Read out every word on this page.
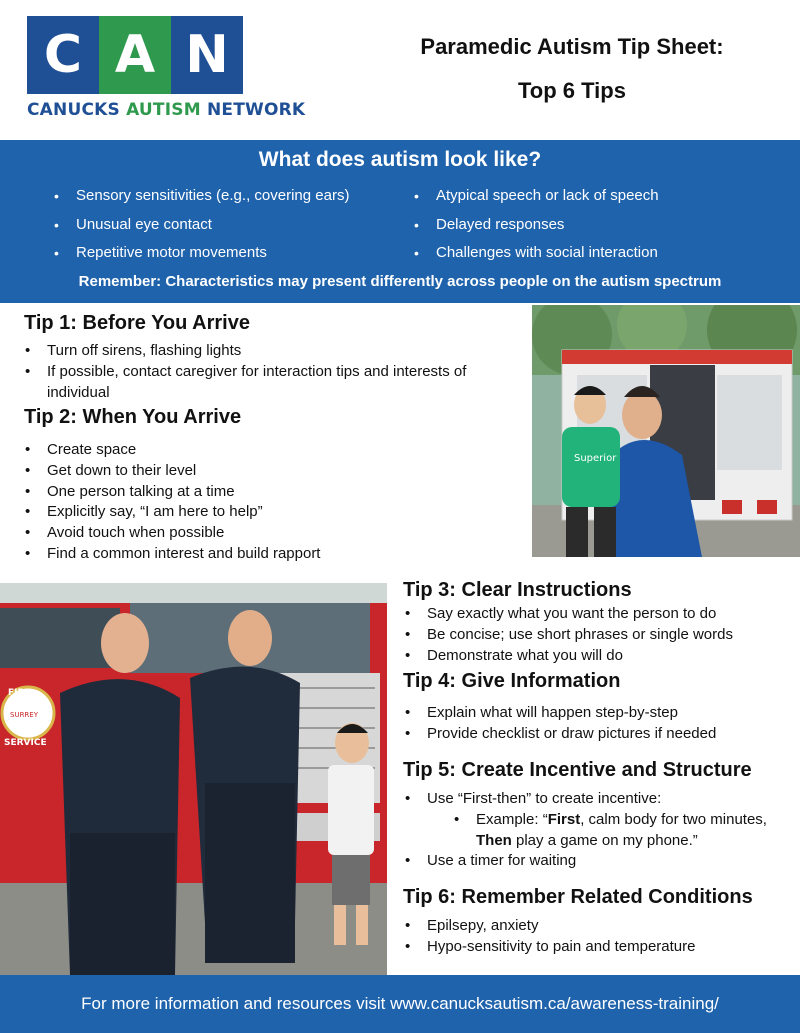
C A N
CANUCKS AUTISM NETWORK
Paramedic Autism Tip Sheet:
Top 6 Tips
What does autism look like?
• Sensory sensitivities (e.g., covering ears)
• Unusual eye contact
• Repetitive motor movements
• Atypical speech or lack of speech
• Delayed responses
• Challenges with social interaction
Remember: Characteristics may present differently across people on the autism spectrum
Tip 1: Before You Arrive
• Turn off sirens, flashing lights
• If possible, contact caregiver for interaction tips and interests of individual
Tip 2: When You Arrive
• Create space
• Get down to their level
• One person talking at a time
• Explicitly say, “I am here to help”
• Avoid touch when possible
• Find a common interest and build rapport
Superior
FIRE
SURREY
SERVICE
Tip 3: Clear Instructions
• Say exactly what you want the person to do
• Be concise; use short phrases or single words
• Demonstrate what you will do
Tip 4: Give Information
• Explain what will happen step-by-step
• Provide checklist or draw pictures if needed
Tip 5: Create Incentive and Structure
• Use “First-then” to create incentive:
• Example: “First, calm body for two minutes, Then play a game on my phone.”
• Use a timer for waiting
Tip 6: Remember Related Conditions
• Epilsepy, anxiety
• Hypo-sensitivity to pain and temperature
For more information and resources visit www.canucksautism.ca/awareness-training/
